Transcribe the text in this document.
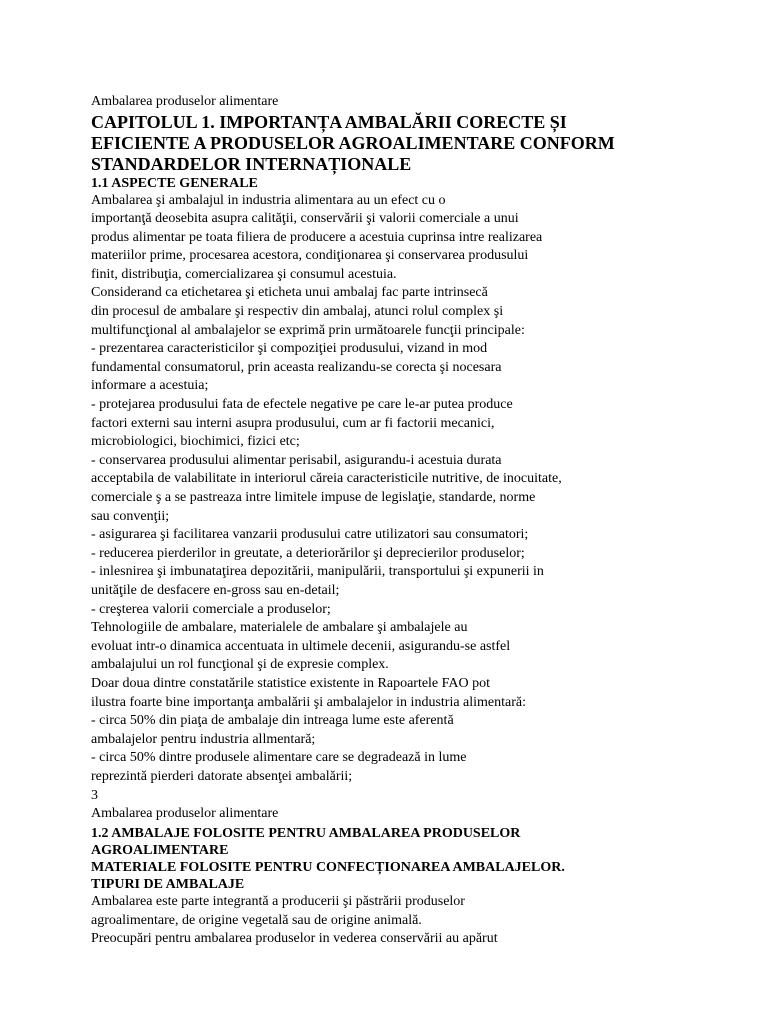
Ambalarea produselor alimentare

CAPITOLUL 1. IMPORTANȚA AMBALĂRII CORECTE ȘI
EFICIENTE A PRODUSELOR AGROALIMENTARE CONFORM
STANDARDELOR INTERNAȚIONALE
1.1 ASPECTE GENERALE
Ambalarea şi ambalajul in industria alimentara au un efect cu o
importanţă deosebita asupra calităţii, conservării şi valorii comerciale a unui
produs alimentar pe toata filiera de producere a acestuia cuprinsa intre realizarea
materiilor prime, procesarea acestora, condiţionarea şi conservarea produsului
finit, distribuţia, comercializarea şi consumul acestuia.
Considerand ca etichetarea şi eticheta unui ambalaj fac parte intrinsecă
din procesul de ambalare şi respectiv din ambalaj, atunci rolul complex şi
multifuncţional al ambalajelor se exprimă prin următoarele funcţii principale:
- prezentarea caracteristicilor şi compoziţiei produsului, vizand in mod
fundamental consumatorul, prin aceasta realizandu-se corecta şi nocesara
informare a acestuia;
- protejarea produsului fata de efectele negative pe care le-ar putea produce
factori externi sau interni asupra produsului, cum ar fi factorii mecanici,
microbiologici, biochimici, fizici etc;
- conservarea produsului alimentar perisabil, asigurandu-i acestuia durata
acceptabila de valabilitate in interiorul căreia caracteristicile nutritive, de inocuitate,
comerciale ş a se pastreaza intre limitele impuse de legislaţie, standarde, norme
sau convenţii;
- asigurarea şi facilitarea vanzarii produsului catre utilizatori sau consumatori;
- reducerea pierderilor in greutate, a deteriorărilor şi deprecierilor produselor;
- inlesnirea şi imbunataţirea depozitării, manipulării, transportului şi expunerii in
unităţile de desfacere en-gross sau en-detail;
- creşterea valorii comerciale a produselor;
Tehnologiile de ambalare, materialele de ambalare şi ambalajele au
evoluat intr-o dinamica accentuata in ultimele decenii, asigurandu-se astfel
ambalajului un rol funcţional şi de expresie complex.
Doar doua dintre constatările statistice existente in Rapoartele FAO pot
ilustra foarte bine importanţa ambalării şi ambalajelor in industria alimentară:
- circa 50% din piaţa de ambalaje din intreaga lume este aferentă
ambalajelor pentru industria allmentară;
- circa 50% dintre produsele alimentare care se degradează in lume
reprezintă pierderi datorate absenţei ambalării;

3

Ambalarea produselor alimentare

1.2 AMBALAJE FOLOSITE PENTRU AMBALAREA PRODUSELOR
AGROALIMENTARE
MATERIALE FOLOSITE PENTRU CONFECȚIONAREA AMBALAJELOR.
TIPURI DE AMBALAJE
Ambalarea este parte integrantă a producerii şi păstrării produselor
agroalimentare, de origine vegetală sau de origine animală.
Preocupări pentru ambalarea produselor in vederea conservării au apărut
